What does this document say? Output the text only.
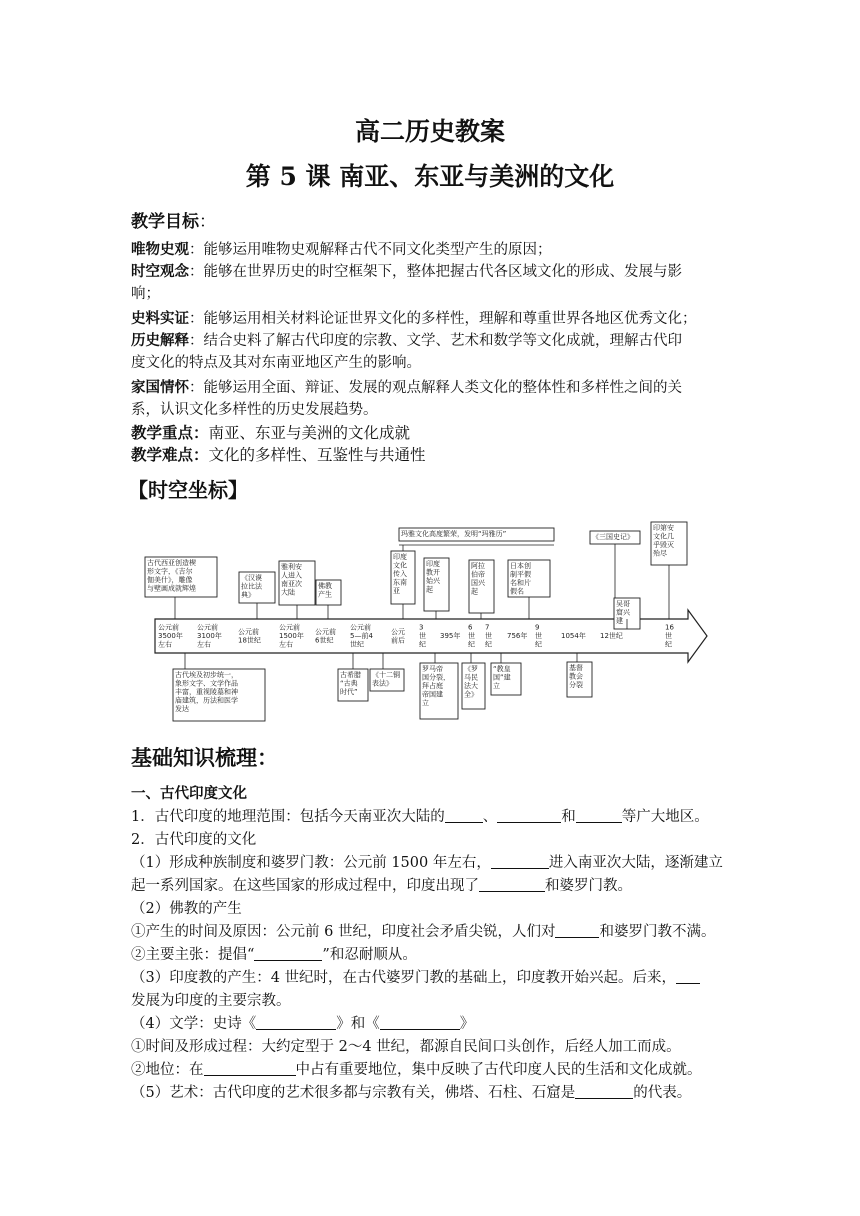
高二历史教案
第 5 课 南亚、东亚与美洲的文化
教学目标：
唯物史观：能够运用唯物史观解释古代不同文化类型产生的原因；
时空观念：能够在世界历史的时空框架下，整体把握古代各区域文化的形成、发展与影
响；
史料实证：能够运用相关材料论证世界文化的多样性，理解和尊重世界各地区优秀文化；
历史解释：结合史料了解古代印度的宗教、文学、艺术和数学等文化成就，理解古代印
度文化的特点及其对东南亚地区产生的影响。
家国情怀：能够运用全面、辩证、发展的观点解释人类文化的整体性和多样性之间的关
系，认识文化多样性的历史发展趋势。
教学重点：南亚、东亚与美洲的文化成就
教学难点：文化的多样性、互鉴性与共通性
【时空坐标】
公元前 3500年左右
公元前 3100年左右
公元前 18世纪
公元前 1500年左右
公元前 6世纪
公元前 5—前4 世纪
公元前后
3 世纪
395年
6 世纪
7 世纪
756年
9 世纪
1054年 12世纪
16 世纪
古代西亚创造楔形文字，《吉尔伽美什》，雕像与壁画成就辉煌
《汉谟拉比法典》
雅利安人进入南亚次大陆
佛教产生
印度文化传入东南亚
印度教开始兴起
阿拉伯帝国兴起
日本创制平假名和片假名
玛雅文化高度繁荣，发明“玛雅历”	《三国史记》
吴哥窟兴建
印第安文化几乎毁灭殆尽
古代埃及初步统一，象形文字、文学作品丰富，重视陵墓和神庙建筑，历法和医学发达
古希腊“古典时代”
《十二铜表法》
罗马帝国分裂，拜占庭帝国建立
《罗马民法大全》
“教皇国”建立
基督教会分裂
基础知识梳理：
一、古代印度文化
1．古代印度的地理范围：包括今天南亚次大陆的	、	和	等广大地区。
2．古代印度的文化
（1）形成种族制度和婆罗门教：公元前 1500 年左右，	进入南亚次大陆，逐渐建立
起一系列国家。在这些国家的形成过程中，印度出现了	和婆罗门教。
（2）佛教的产生
①产生的时间及原因：公元前 6 世纪，印度社会矛盾尖锐，人们对	和婆罗门教不满。
②主要主张：提倡“	”和忍耐顺从。
（3）印度教的产生：4 世纪时，在古代婆罗门教的基础上，印度教开始兴起。后来，
发展为印度的主要宗教。
（4）文学：史诗《	》和《	》
①时间及形成过程：大约定型于 2～4 世纪，都源自民间口头创作，后经人加工而成。
②地位：在	中占有重要地位，集中反映了古代印度人民的生活和文化成就。
（5）艺术：古代印度的艺术很多都与宗教有关，佛塔、石柱、石窟是	的代表。
